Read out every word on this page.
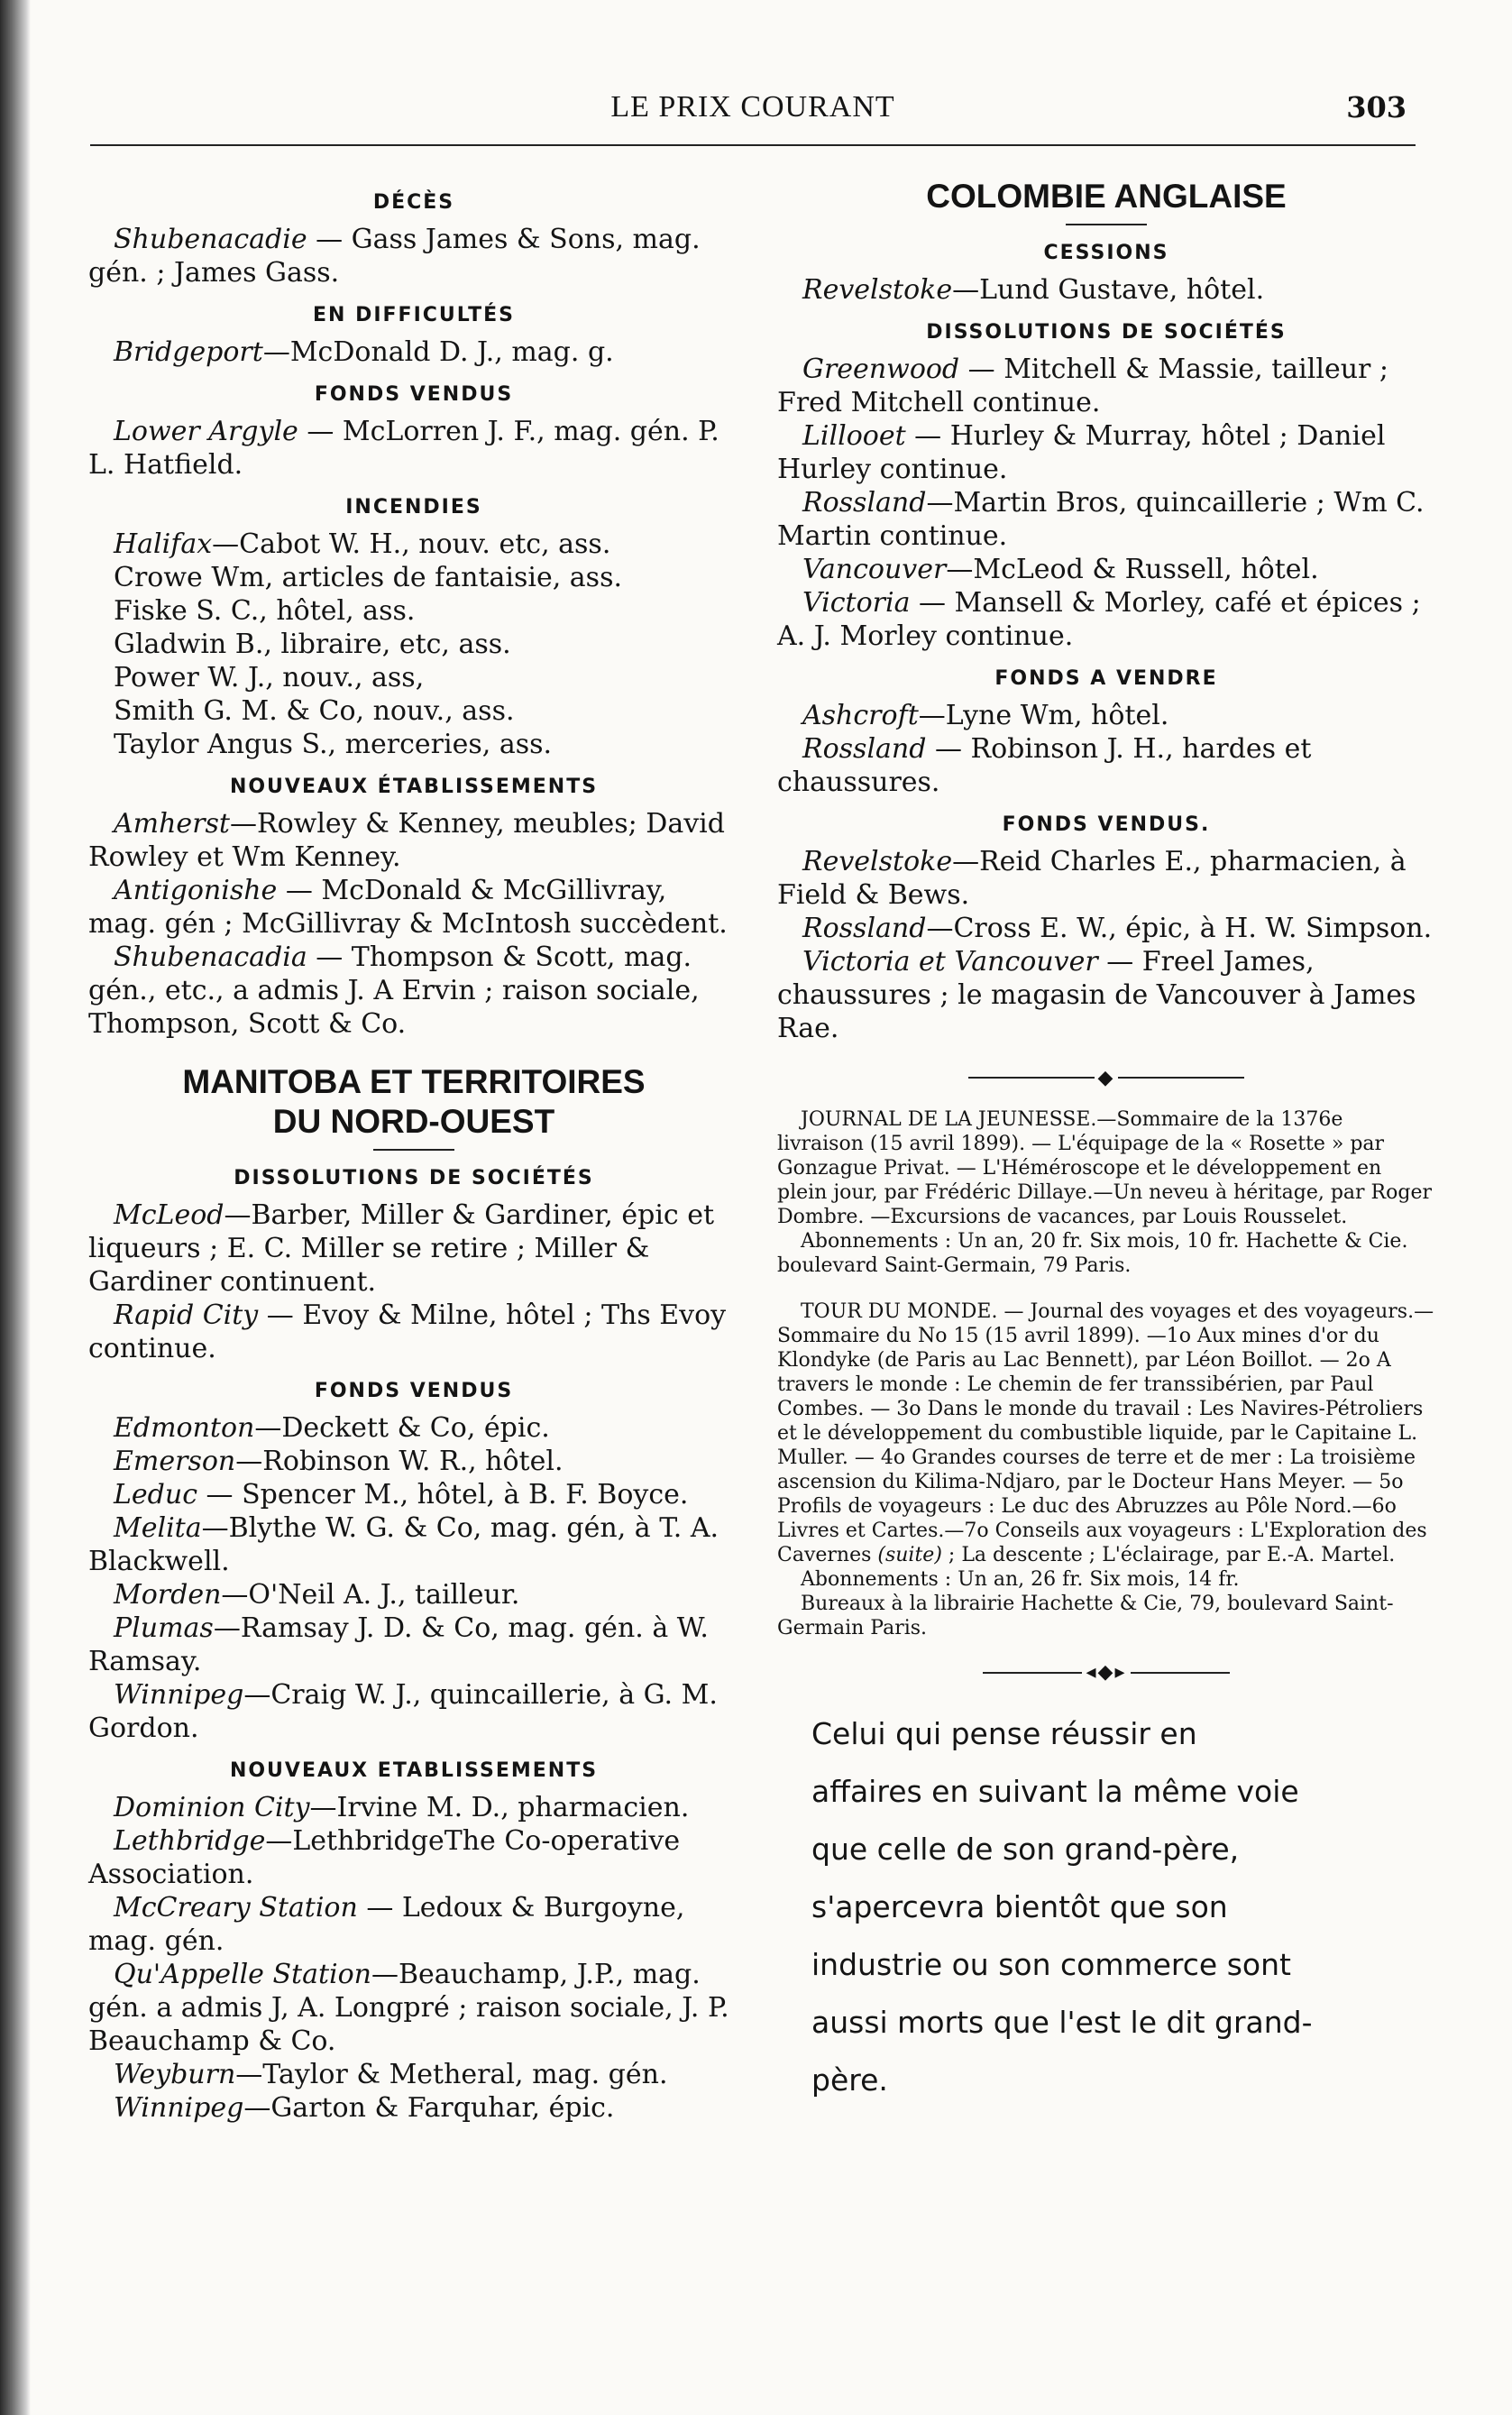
LE PRIX COURANT	303
DÉCÈS

Shubenacadie — Gass James & Sons, mag. gén. ; James Gass.

EN DIFFICULTÉS

Bridgeport—McDonald D. J., mag. g.

FONDS VENDUS

Lower Argyle — McLorren J. F., mag. gén. P. L. Hatfield.

INCENDIES

Halifax—Cabot W. H., nouv. etc, ass.

Crowe Wm, articles de fantaisie, ass.

Fiske S. C., hôtel, ass.

Gladwin B., libraire, etc, ass.

Power W. J., nouv., ass,

Smith G. M. & Co, nouv., ass.

Taylor Angus S., merceries, ass.

NOUVEAUX ÉTABLISSEMENTS

Amherst—Rowley & Kenney, meubles; David Rowley et Wm Kenney.

Antigonishe — McDonald & McGillivray, mag. gén ; McGillivray & McIntosh succèdent.

Shubenacadia — Thompson & Scott, mag. gén., etc., a admis J. A Ervin ; raison sociale, Thompson, Scott & Co.

MANITOBA ET TERRITOIRES
DU NORD-OUEST
DISSOLUTIONS DE SOCIÉTÉS

McLeod—Barber, Miller & Gardiner, épic et liqueurs ; E. C. Miller se retire ; Miller & Gardiner continuent.

Rapid City — Evoy & Milne, hôtel ; Ths Evoy continue.

FONDS VENDUS

Edmonton—Deckett & Co, épic.

Emerson—Robinson W. R., hôtel.

Leduc — Spencer M., hôtel, à B. F. Boyce.

Melita—Blythe W. G. & Co, mag. gén, à T. A. Blackwell.

Morden—O'Neil A. J., tailleur.

Plumas—Ramsay J. D. & Co, mag. gén. à W. Ramsay.

Winnipeg—Craig W. J., quincaillerie, à G. M. Gordon.

NOUVEAUX ETABLISSEMENTS

Dominion City—Irvine M. D., pharmacien.

Lethbridge—LethbridgeThe Co-operative Association.

McCreary Station — Ledoux & Burgoyne, mag. gén.

Qu'Appelle Station—Beauchamp, J.P., mag. gén. a admis J, A. Longpré ; raison sociale, J. P. Beauchamp & Co.

Weyburn—Taylor & Metheral, mag. gén.

Winnipeg—Garton & Farquhar, épic.

COLOMBIE ANGLAISE
CESSIONS

Revelstoke—Lund Gustave, hôtel.

DISSOLUTIONS DE SOCIÉTÉS

Greenwood — Mitchell & Massie, tailleur ; Fred Mitchell continue.

Lillooet — Hurley & Murray, hôtel ; Daniel Hurley continue.

Rossland—Martin Bros, quincaillerie ; Wm C. Martin continue.

Vancouver—McLeod & Russell, hôtel.

Victoria — Mansell & Morley, café et épices ; A. J. Morley continue.

FONDS A VENDRE

Ashcroft—Lyne Wm, hôtel.

Rossland — Robinson J. H., hardes et chaussures.

FONDS VENDUS.

Revelstoke—Reid Charles E., pharmacien, à Field & Bews.

Rossland—Cross E. W., épic, à H. W. Simpson.

Victoria et Vancouver — Freel James, chaussures ; le magasin de Vancouver à James Rae.

◆

JOURNAL DE LA JEUNESSE.—Sommaire de la 1376e livraison (15 avril 1899). — L'équipage de la « Rosette » par Gonzague Privat. — L'Héméroscope et le développement en plein jour, par Frédéric Dillaye.—Un neveu à héritage, par Roger Dombre. —Excursions de vacances, par Louis Rousselet.

Abonnements : Un an, 20 fr. Six mois, 10 fr. Hachette & Cie. boulevard Saint-Germain, 79 Paris.

TOUR DU MONDE. — Journal des voyages et des voyageurs.—Sommaire du No 15 (15 avril 1899). —1o Aux mines d'or du Klondyke (de Paris au Lac Bennett), par Léon Boillot. — 2o A travers le monde : Le chemin de fer transsibérien, par Paul Combes. — 3o Dans le monde du travail : Les Navires-Pétroliers et le développement du combustible liquide, par le Capitaine L. Muller. — 4o Grandes courses de terre et de mer : La troisième ascension du Kilima-Ndjaro, par le Docteur Hans Meyer. — 5o Profils de voyageurs : Le duc des Abruzzes au Pôle Nord.—6o Livres et Cartes.—7o Conseils aux voyageurs : L'Exploration des Cavernes (suite) ; La descente ; L'éclairage, par E.-A. Martel.

Abonnements : Un an, 26 fr. Six mois, 14 fr.

Bureaux à la librairie Hachette & Cie, 79, boulevard Saint-Germain Paris.

◂◆▸
Celui qui pense réussir en affaires en suivant la même voie que celle de son grand-père, s'apercevra bientôt que son industrie ou son commerce sont aussi morts que l'est le dit grand-père.
